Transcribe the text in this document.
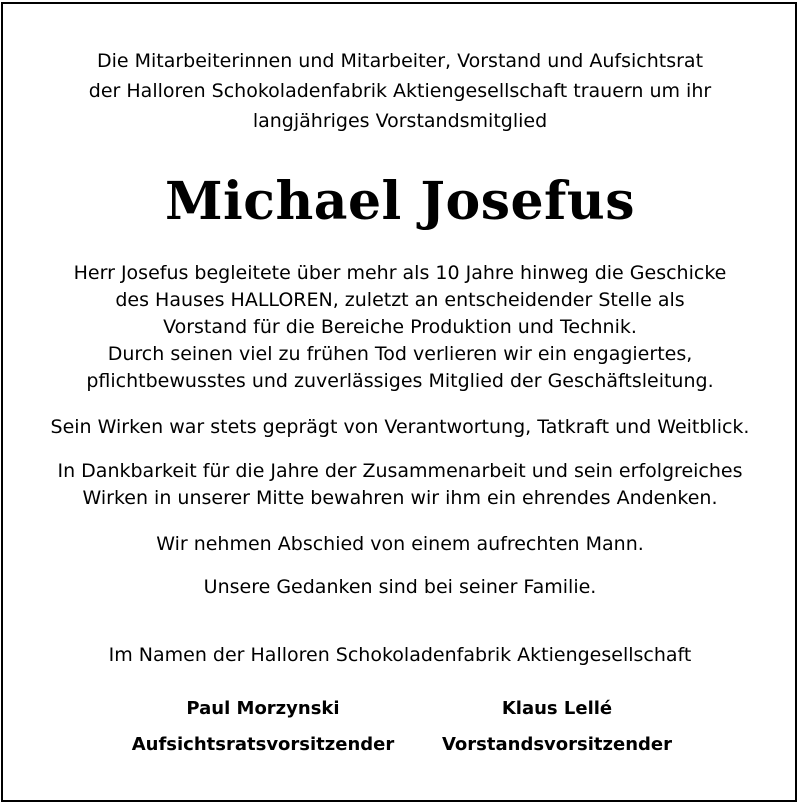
Die Mitarbeiterinnen und Mitarbeiter, Vorstand und Aufsichtsrat
der Halloren Schokoladenfabrik Aktiengesellschaft trauern um ihr
langjähriges Vorstandsmitglied
Michael Josefus
Herr Josefus begleitete über mehr als 10 Jahre hinweg die Geschicke
des Hauses HALLOREN, zuletzt an entscheidender Stelle als
Vorstand für die Bereiche Produktion und Technik.
Durch seinen viel zu frühen Tod verlieren wir ein engagiertes,
pflichtbewusstes und zuverlässiges Mitglied der Geschäftsleitung.
Sein Wirken war stets geprägt von Verantwortung, Tatkraft und Weitblick.
In Dankbarkeit für die Jahre der Zusammenarbeit und sein erfolgreiches
Wirken in unserer Mitte bewahren wir ihm ein ehrendes Andenken.
Wir nehmen Abschied von einem aufrechten Mann.
Unsere Gedanken sind bei seiner Familie.
Im Namen der Halloren Schokoladenfabrik Aktiengesellschaft
Paul Morzynski	Klaus Lellé
Aufsichtsratsvorsitzender	Vorstandsvorsitzender
